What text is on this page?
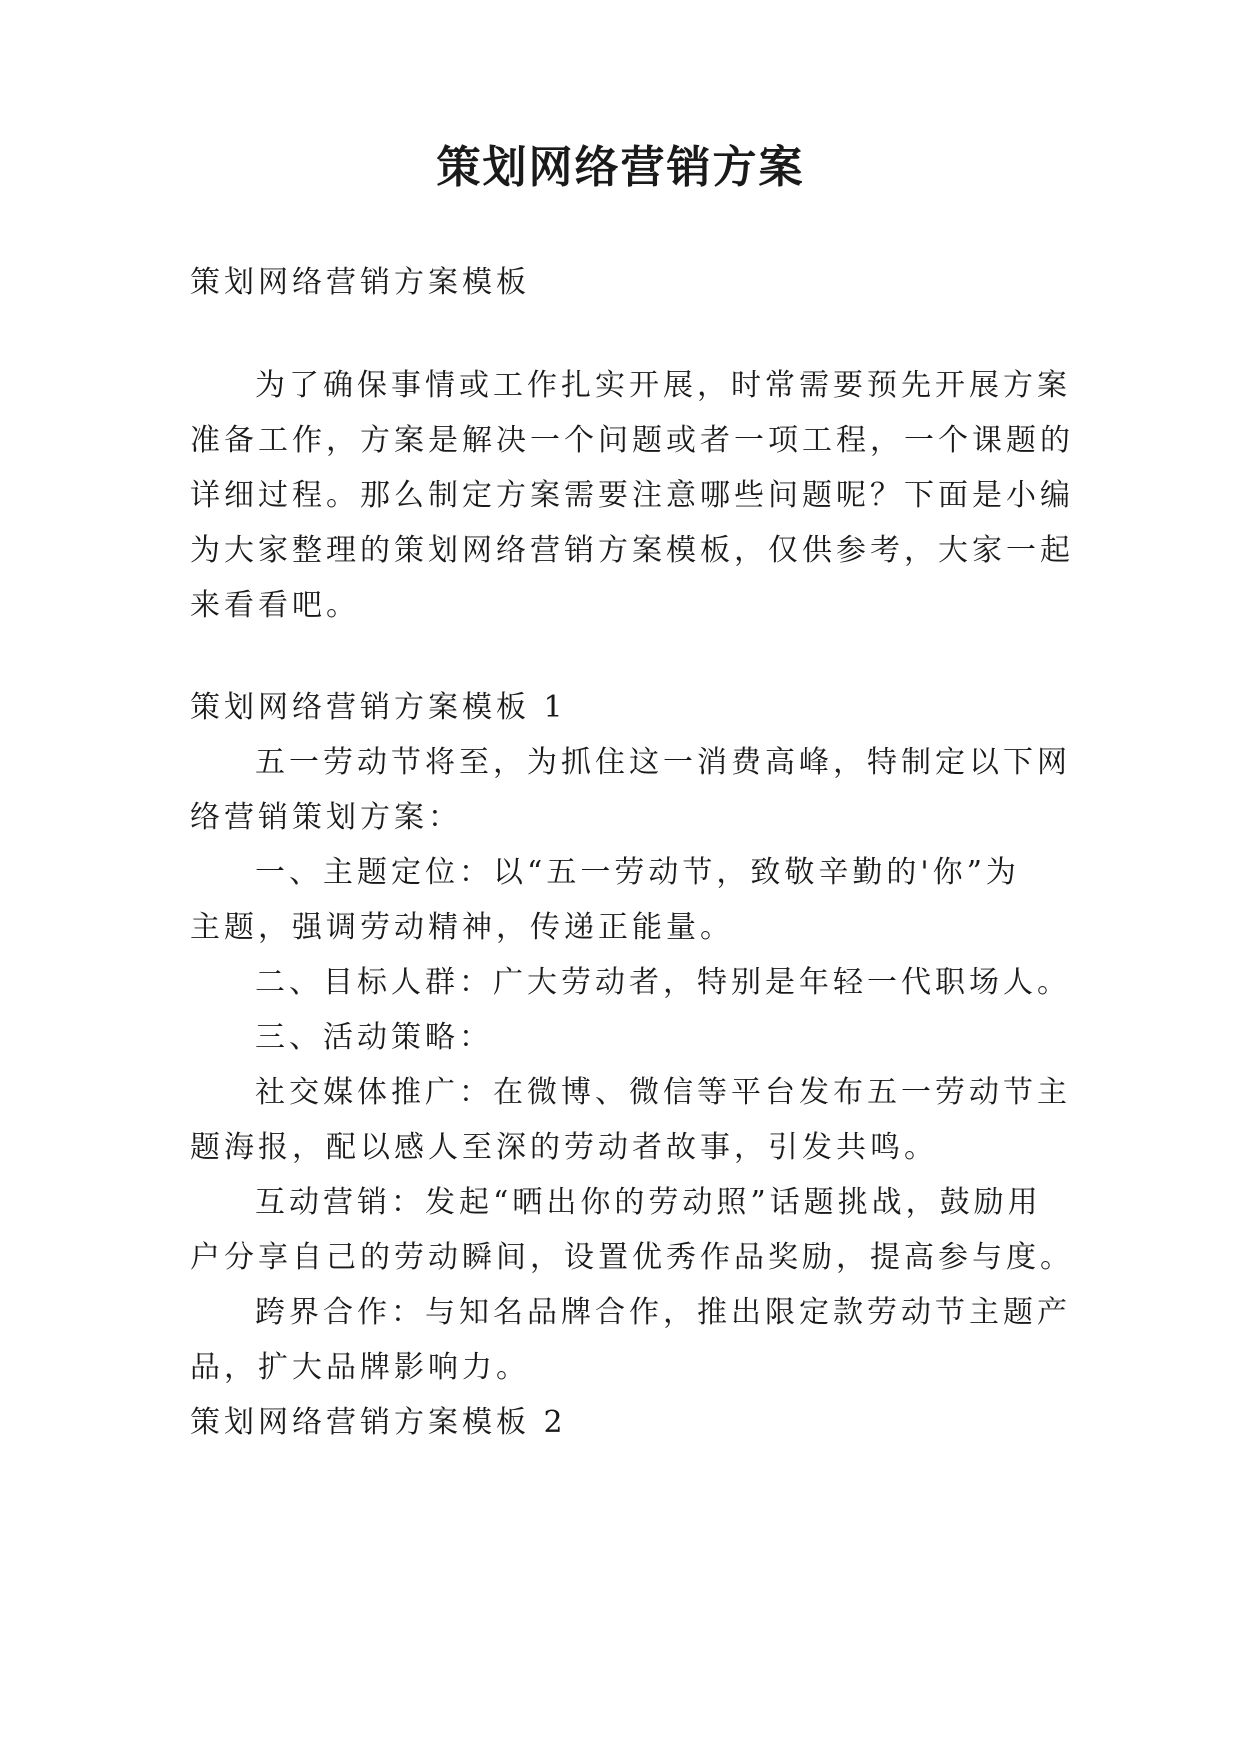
策划网络营销方案
策划网络营销方案模板
为了确保事情或工作扎实开展，时常需要预先开展方案
准备工作，方案是解决一个问题或者一项工程，一个课题的
详细过程。那么制定方案需要注意哪些问题呢？下面是小编
为大家整理的策划网络营销方案模板，仅供参考，大家一起
来看看吧。
策划网络营销方案模板 1
五一劳动节将至，为抓住这一消费高峰，特制定以下网
络营销策划方案：
一、主题定位：以“五一劳动节，致敬辛勤的'你”为
主题，强调劳动精神，传递正能量。
二、目标人群：广大劳动者，特别是年轻一代职场人。
三、活动策略：
社交媒体推广：在微博、微信等平台发布五一劳动节主
题海报，配以感人至深的劳动者故事，引发共鸣。
互动营销：发起“晒出你的劳动照”话题挑战，鼓励用
户分享自己的劳动瞬间，设置优秀作品奖励，提高参与度。
跨界合作：与知名品牌合作，推出限定款劳动节主题产
品，扩大品牌影响力。
策划网络营销方案模板 2
